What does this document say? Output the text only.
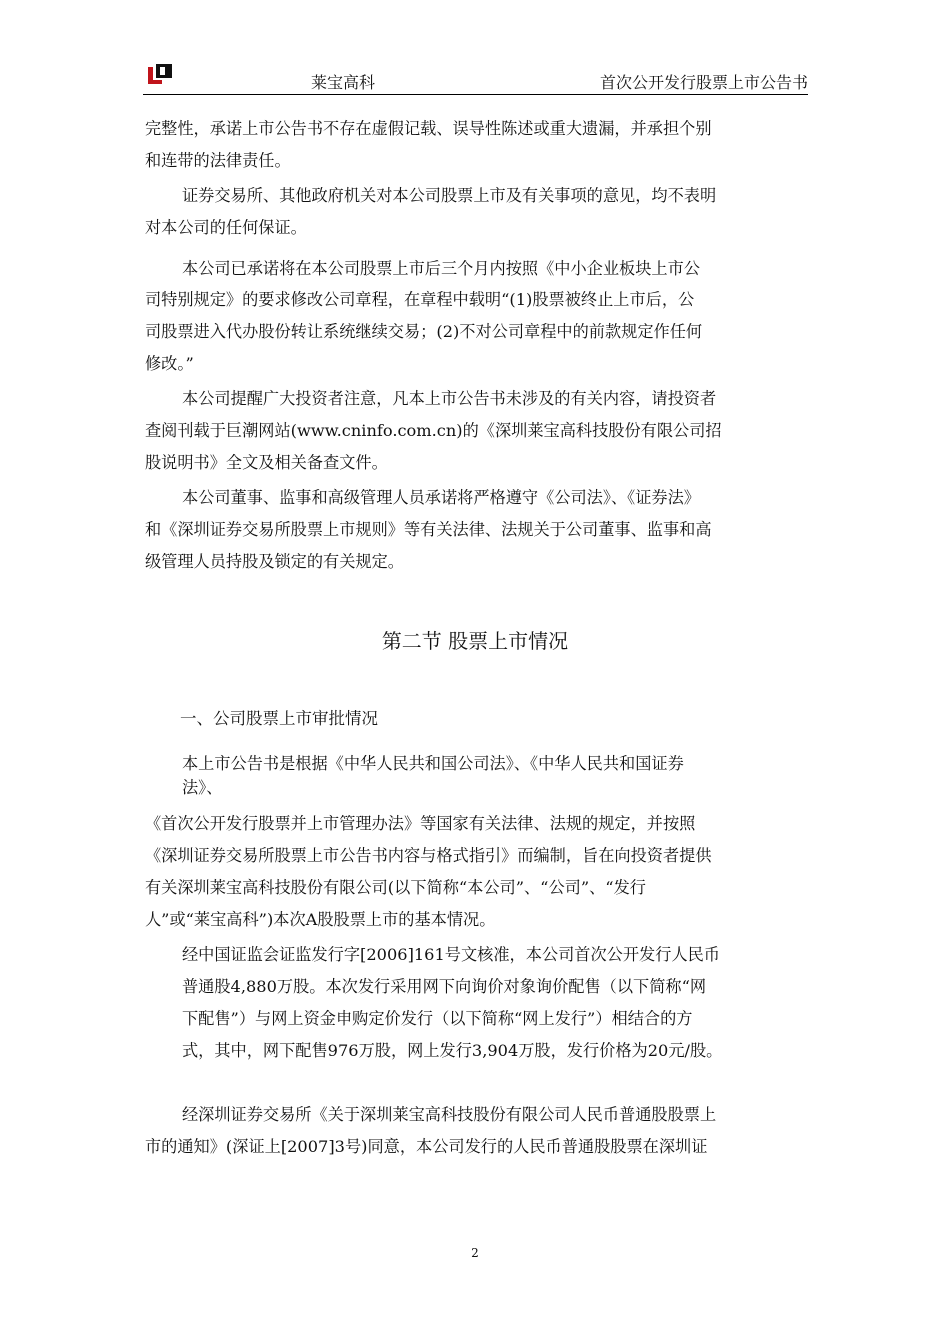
莱宝高科	首次公开发行股票上市公告书
完整性，承诺上市公告书不存在虚假记载、误导性陈述或重大遗漏，并承担个别
和连带的法律责任。
证券交易所、其他政府机关对本公司股票上市及有关事项的意见，均不表明
对本公司的任何保证。
本公司已承诺将在本公司股票上市后三个月内按照《中小企业板块上市公
司特别规定》的要求修改公司章程，在章程中载明“(1)股票被终止上市后，公
司股票进入代办股份转让系统继续交易；(2)不对公司章程中的前款规定作任何
修改。”
本公司提醒广大投资者注意，凡本上市公告书未涉及的有关内容，请投资者
查阅刊载于巨潮网站(www.cninfo.com.cn)的《深圳莱宝高科技股份有限公司招
股说明书》全文及相关备查文件。
本公司董事、监事和高级管理人员承诺将严格遵守《公司法》、《证券法》
和《深圳证券交易所股票上市规则》等有关法律、法规关于公司董事、监事和高
级管理人员持股及锁定的有关规定。
第二节 股票上市情况
一、公司股票上市审批情况
本上市公告书是根据《中华人民共和国公司法》、《中华人民共和国证券
法》、
《首次公开发行股票并上市管理办法》等国家有关法律、法规的规定，并按照
《深圳证券交易所股票上市公告书内容与格式指引》而编制，旨在向投资者提供
有关深圳莱宝高科技股份有限公司(以下简称“本公司”、“公司”、“发行
人”或“莱宝高科”)本次A股股票上市的基本情况。
经中国证监会证监发行字[2006]161号文核准，本公司首次公开发行人民币
普通股4,880万股。本次发行采用网下向询价对象询价配售（以下简称“网
下配售”）与网上资金申购定价发行（以下简称“网上发行”）相结合的方
式，其中，网下配售976万股，网上发行3,904万股，发行价格为20元/股。
经深圳证券交易所《关于深圳莱宝高科技股份有限公司人民币普通股股票上
市的通知》(深证上[2007]3号)同意，本公司发行的人民币普通股股票在深圳证
2
